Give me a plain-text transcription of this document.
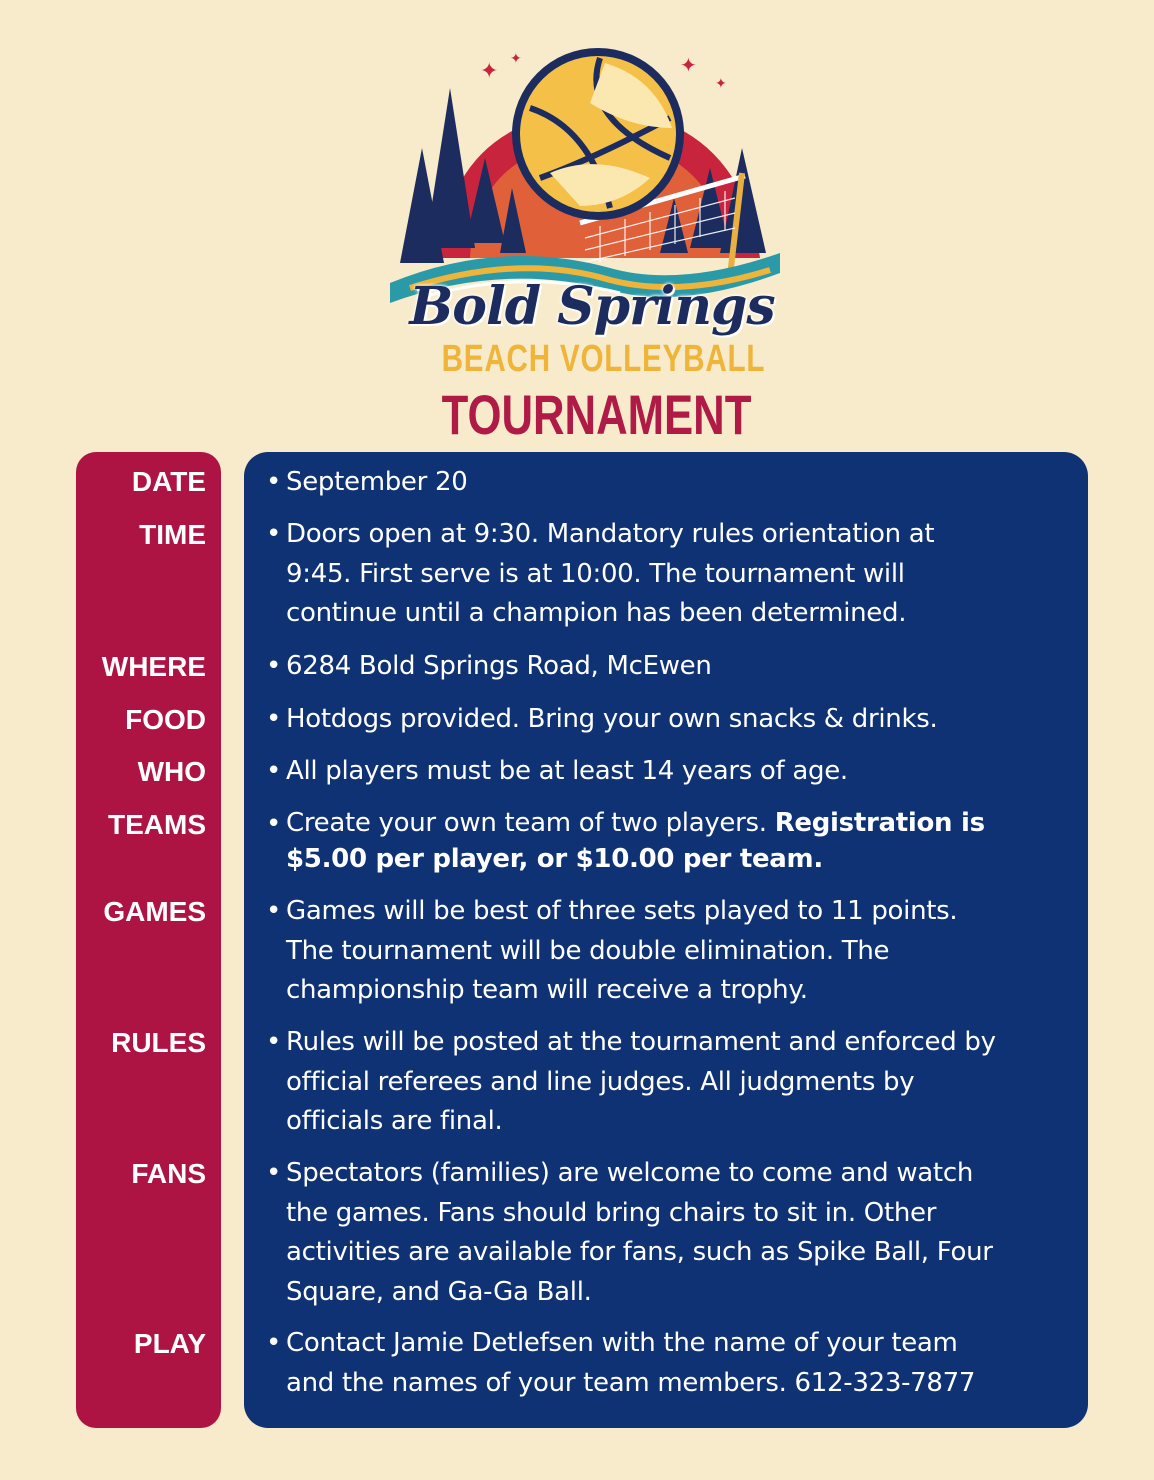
✦ ✦	✦
✦
Bold Springs
BEACH VOLLEYBALL
TOURNAMENT
DATE
TIME
WHERE
FOOD
WHO
TEAMS
GAMES
RULES
FANS
PLAY
• September 20
• Doors open at 9:30. Mandatory rules orientation at
9:45. First serve is at 10:00. The tournament will
continue until a champion has been determined.
• 6284 Bold Springs Road, McEwen
• Hotdogs provided. Bring your own snacks & drinks.
• All players must be at least 14 years of age.
• Create your own team of two players. Registration is
$5.00 per player, or $10.00 per team.
• Games will be best of three sets played to 11 points.
The tournament will be double elimination. The
championship team will receive a trophy.
• Rules will be posted at the tournament and enforced by
official referees and line judges. All judgments by
officials are final.
• Spectators (families) are welcome to come and watch
the games. Fans should bring chairs to sit in. Other
activities are available for fans, such as Spike Ball, Four
Square, and Ga-Ga Ball.
• Contact Jamie Detlefsen with the name of your team
and the names of your team members. 612-323-7877
